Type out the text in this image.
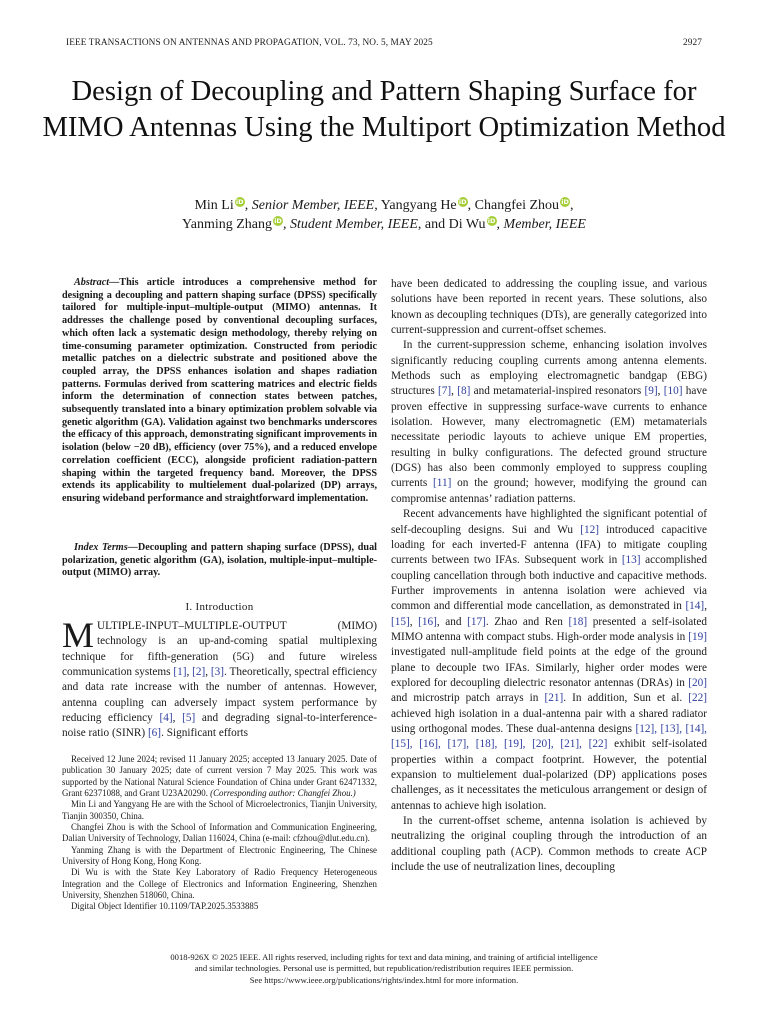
IEEE TRANSACTIONS ON ANTENNAS AND PROPAGATION, VOL. 73, NO. 5, MAY 2025	2927
Design of Decoupling and Pattern Shaping Surface for MIMO Antennas Using the Multiport Optimization Method
Min Li iD, Senior Member, IEEE, Yangyang He iD, Changfei Zhou iD,
Yanming Zhang iD, Student Member, IEEE, and Di Wu iD, Member, IEEE

Abstract—This article introduces a comprehensive method for designing a decoupling and pattern shaping surface (DPSS) specifically tailored for multiple-input–multiple-output (MIMO) antennas. It addresses the challenge posed by conventional decoupling surfaces, which often lack a systematic design methodology, thereby relying on time-consuming parameter optimization. Constructed from periodic metallic patches on a dielectric substrate and positioned above the coupled array, the DPSS enhances isolation and shapes radiation patterns. Formulas derived from scattering matrices and electric fields inform the determination of connection states between patches, subsequently translated into a binary optimization problem solvable via genetic algorithm (GA). Validation against two benchmarks underscores the efficacy of this approach, demonstrating significant improvements in isolation (below −20 dB), efficiency (over 75%), and a reduced envelope correlation coefficient (ECC), alongside proficient radiation-pattern shaping within the targeted frequency band. Moreover, the DPSS extends its applicability to multielement dual-polarized (DP) arrays, ensuring wideband performance and straightforward implementation.

Index Terms—Decoupling and pattern shaping surface (DPSS), dual polarization, genetic algorithm (GA), isolation, multiple-input–multiple-output (MIMO) array.

I. Introduction

MULTIPLE-INPUT–MULTIPLE-OUTPUT (MIMO) technology is an up-and-coming spatial multiplexing technique for fifth-generation (5G) and future wireless communication systems [1], [2], [3]. Theoretically, spectral efficiency and data rate increase with the number of antennas. However, antenna coupling can adversely impact system performance by reducing efficiency [4], [5] and degrading signal-to-interference-noise ratio (SINR) [6]. Significant efforts

Received 12 June 2024; revised 11 January 2025; accepted 13 January 2025. Date of publication 30 January 2025; date of current version 7 May 2025. This work was supported by the National Natural Science Foundation of China under Grant 62471332, Grant 62371088, and Grant U23A20290. (Corresponding author: Changfei Zhou.)

Min Li and Yangyang He are with the School of Microelectronics, Tianjin University, Tianjin 300350, China.

Changfei Zhou is with the School of Information and Communication Engineering, Dalian University of Technology, Dalian 116024, China (e-mail: cfzhou@dlut.edu.cn).

Yanming Zhang is with the Department of Electronic Engineering, The Chinese University of Hong Kong, Hong Kong.

Di Wu is with the State Key Laboratory of Radio Frequency Heterogeneous Integration and the College of Electronics and Information Engineering, Shenzhen University, Shenzhen 518060, China.

Digital Object Identifier 10.1109/TAP.2025.3533885

have been dedicated to addressing the coupling issue, and various solutions have been reported in recent years. These solutions, also known as decoupling techniques (DTs), are generally categorized into current-suppression and current-offset schemes.

In the current-suppression scheme, enhancing isolation involves significantly reducing coupling currents among antenna elements. Methods such as employing electromagnetic bandgap (EBG) structures [7], [8] and metamaterial-inspired resonators [9], [10] have proven effective in suppressing surface-wave currents to enhance isolation. However, many electromagnetic (EM) metamaterials necessitate periodic layouts to achieve unique EM properties, resulting in bulky configurations. The defected ground structure (DGS) has also been commonly employed to suppress coupling currents [11] on the ground; however, modifying the ground can compromise antennas’ radiation patterns.

Recent advancements have highlighted the significant potential of self-decoupling designs. Sui and Wu [12] introduced capacitive loading for each inverted-F antenna (IFA) to mitigate coupling currents between two IFAs. Subsequent work in [13] accomplished coupling cancellation through both inductive and capacitive methods. Further improvements in antenna isolation were achieved via common and differential mode cancellation, as demonstrated in [14], [15], [16], and [17]. Zhao and Ren [18] presented a self-isolated MIMO antenna with compact stubs. High-order mode analysis in [19] investigated null-amplitude field points at the edge of the ground plane to decouple two IFAs. Similarly, higher order modes were explored for decoupling dielectric resonator antennas (DRAs) in [20] and microstrip patch arrays in [21]. In addition, Sun et al. [22] achieved high isolation in a dual-antenna pair with a shared radiator using orthogonal modes. These dual-antenna designs [12], [13], [14], [15], [16], [17], [18], [19], [20], [21], [22] exhibit self-isolated properties within a compact footprint. However, the potential expansion to multielement dual-polarized (DP) applications poses challenges, as it necessitates the meticulous arrangement or design of antennas to achieve high isolation.

In the current-offset scheme, antenna isolation is achieved by neutralizing the original coupling through the introduction of an additional coupling path (ACP). Common methods to create ACP include the use of neutralization lines, decoupling

0018-926X © 2025 IEEE. All rights reserved, including rights for text and data mining, and training of artificial intelligence
and similar technologies. Personal use is permitted, but republication/redistribution requires IEEE permission.
See https://www.ieee.org/publications/rights/index.html for more information.
